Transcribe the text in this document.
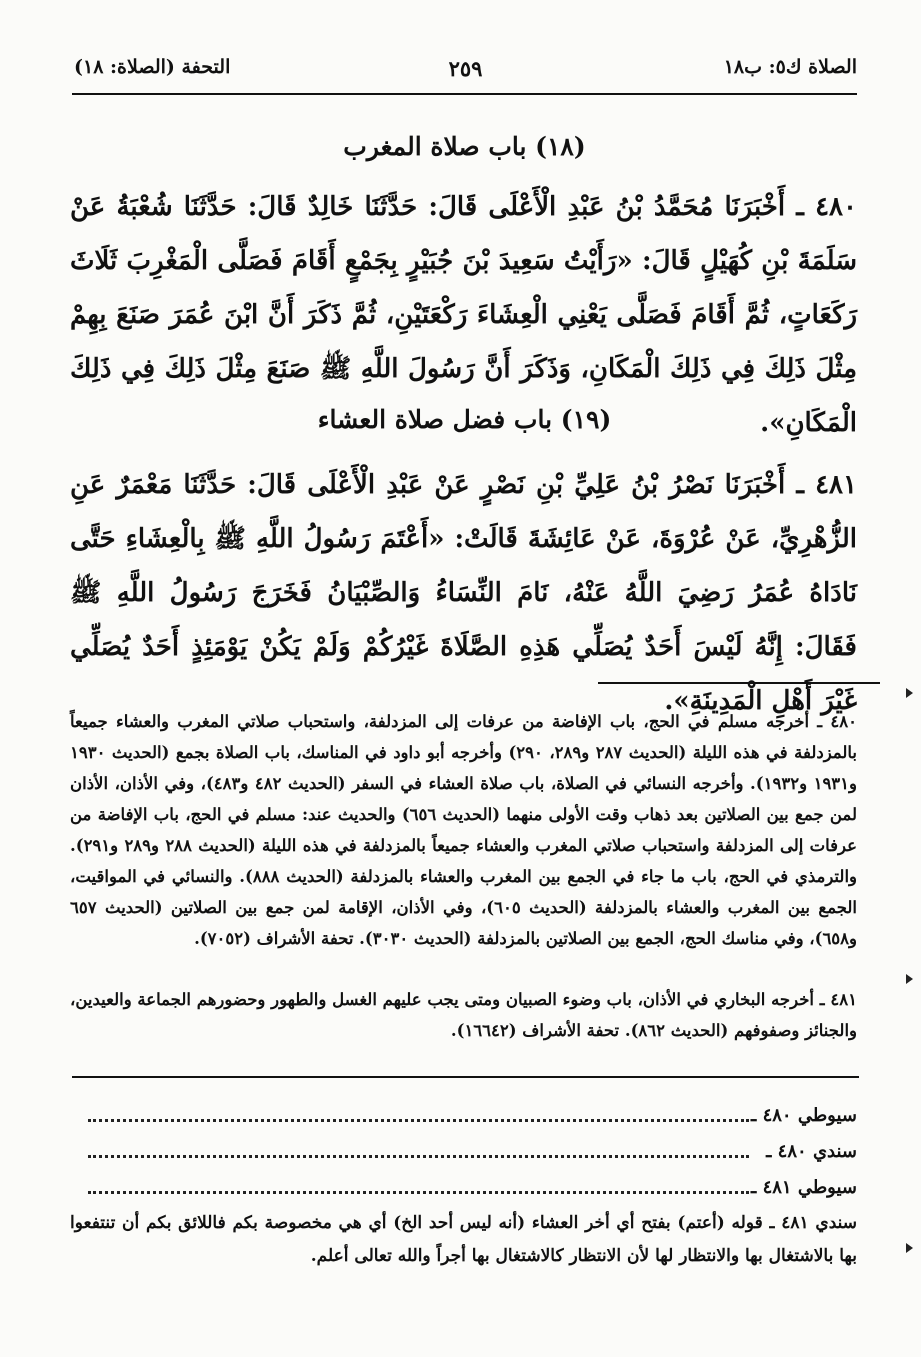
الصلاة ك٥: ب١٨
٢٥٩
التحفة (الصلاة: ١٨)
(١٨) باب صلاة المغرب
٤٨٠ ـ أَخْبَرَنَا مُحَمَّدُ بْنُ عَبْدِ الْأَعْلَى قَالَ: حَدَّثَنَا خَالِدٌ قَالَ: حَدَّثَنَا شُعْبَةُ عَنْ سَلَمَةَ بْنِ كُهَيْلٍ قَالَ: «رَأَيْتُ سَعِيدَ بْنَ جُبَيْرٍ بِجَمْعٍ أَقَامَ فَصَلَّى الْمَغْرِبَ ثَلَاثَ رَكَعَاتٍ، ثُمَّ أَقَامَ فَصَلَّى يَعْنِي الْعِشَاءَ رَكْعَتَيْنِ، ثُمَّ ذَكَرَ أَنَّ ابْنَ عُمَرَ صَنَعَ بِهِمْ مِثْلَ ذَلِكَ فِي ذَلِكَ الْمَكَانِ، وَذَكَرَ أَنَّ رَسُولَ اللَّهِ ﷺ صَنَعَ مِثْلَ ذَلِكَ فِي ذَلِكَ الْمَكَانِ».
(١٩) باب فضل صلاة العشاء
٤٨١ ـ أَخْبَرَنَا نَصْرُ بْنُ عَلِيِّ بْنِ نَصْرٍ عَنْ عَبْدِ الْأَعْلَى قَالَ: حَدَّثَنَا مَعْمَرٌ عَنِ الزُّهْرِيِّ، عَنْ عُرْوَةَ، عَنْ عَائِشَةَ قَالَتْ: «أَعْتَمَ رَسُولُ اللَّهِ ﷺ بِالْعِشَاءِ حَتَّى نَادَاهُ عُمَرُ رَضِيَ اللَّهُ عَنْهُ، نَامَ النِّسَاءُ وَالصِّبْيَانُ فَخَرَجَ رَسُولُ اللَّهِ ﷺ فَقَالَ: إِنَّهُ لَيْسَ أَحَدٌ يُصَلِّي هَذِهِ الصَّلَاةَ غَيْرُكُمْ وَلَمْ يَكُنْ يَوْمَئِذٍ أَحَدٌ يُصَلِّي غَيْرَ أَهْلِ الْمَدِينَةِ».
٤٨٠ ـ أخرجه مسلم في الحج، باب الإفاضة من عرفات إلى المزدلفة، واستحباب صلاتي المغرب والعشاء جميعاً بالمزدلفة في هذه الليلة (الحديث ٢٨٧ و٢٨٩، ٢٩٠) وأخرجه أبو داود في المناسك، باب الصلاة بجمع (الحديث ١٩٣٠ و١٩٣١ و١٩٣٢). وأخرجه النسائي في الصلاة، باب صلاة العشاء في السفر (الحديث ٤٨٢ و٤٨٣)، وفي الأذان، الأذان لمن جمع بين الصلاتين بعد ذهاب وقت الأولى منهما (الحديث ٦٥٦) والحديث عند: مسلم في الحج، باب الإفاضة من عرفات إلى المزدلفة واستحباب صلاتي المغرب والعشاء جميعاً بالمزدلفة في هذه الليلة (الحديث ٢٨٨ و٢٨٩ و٢٩١). والترمذي في الحج، باب ما جاء في الجمع بين المغرب والعشاء بالمزدلفة (الحديث ٨٨٨). والنسائي في المواقيت، الجمع بين المغرب والعشاء بالمزدلفة (الحديث ٦٠٥)، وفي الأذان، الإقامة لمن جمع بين الصلاتين (الحديث ٦٥٧ و٦٥٨)، وفي مناسك الحج، الجمع بين الصلاتين بالمزدلفة (الحديث ٣٠٣٠). تحفة الأشراف (٧٠٥٢).
٤٨١ ـ أخرجه البخاري في الأذان، باب وضوء الصبيان ومتى يجب عليهم الغسل والطهور وحضورهم الجماعة والعيدين، والجنائز وصفوفهم (الحديث ٨٦٢). تحفة الأشراف (١٦٦٤٢).
سيوطي ٤٨٠ ـ
سندي ٤٨٠ ـ
سيوطي ٤٨١ ـ
سندي ٤٨١ ـ قوله (أعتم) بفتح أي أخر العشاء (أنه ليس أحد الخ) أي هي مخصوصة بكم فاللائق بكم أن تنتفعوا بها بالاشتغال بها والانتظار لها لأن الانتظار كالاشتغال بها أجراً والله تعالى أعلم.
